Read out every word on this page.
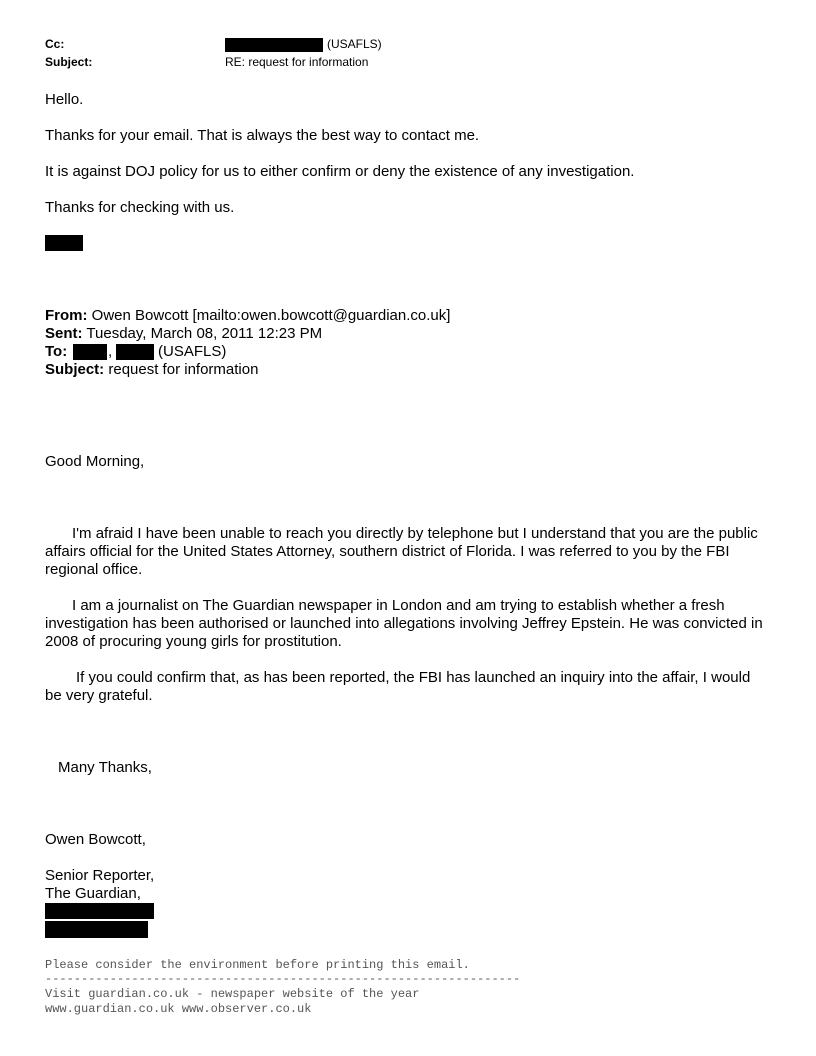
Cc:	(USAFLS)
Subject:	RE: request for information
Hello.
Thanks for your email. That is always the best way to contact me.
It is against DOJ policy for us to either confirm or deny the existence of any investigation.
Thanks for checking with us.
From: Owen Bowcott [mailto:owen.bowcott@guardian.co.uk]
Sent: Tuesday, March 08, 2011 12:23 PM
To:	,	(USAFLS)
Subject: request for information
Good Morning,
I'm afraid I have been unable to reach you directly by telephone but I understand that you are the public affairs official for the United States Attorney, southern district of Florida. I was referred to you by the FBI regional office.
I am a journalist on The Guardian newspaper in London and am trying to establish whether a fresh investigation has been authorised or launched into allegations involving Jeffrey Epstein. He was convicted in 2008 of procuring young girls for prostitution.
If you could confirm that, as has been reported, the FBI has launched an inquiry into the affair, I would be very grateful.
Many Thanks,
Owen Bowcott,
Senior Reporter,
The Guardian,
Please consider the environment before printing this email.
------------------------------------------------------------------
Visit guardian.co.uk - newspaper website of the year
www.guardian.co.uk www.observer.co.uk
